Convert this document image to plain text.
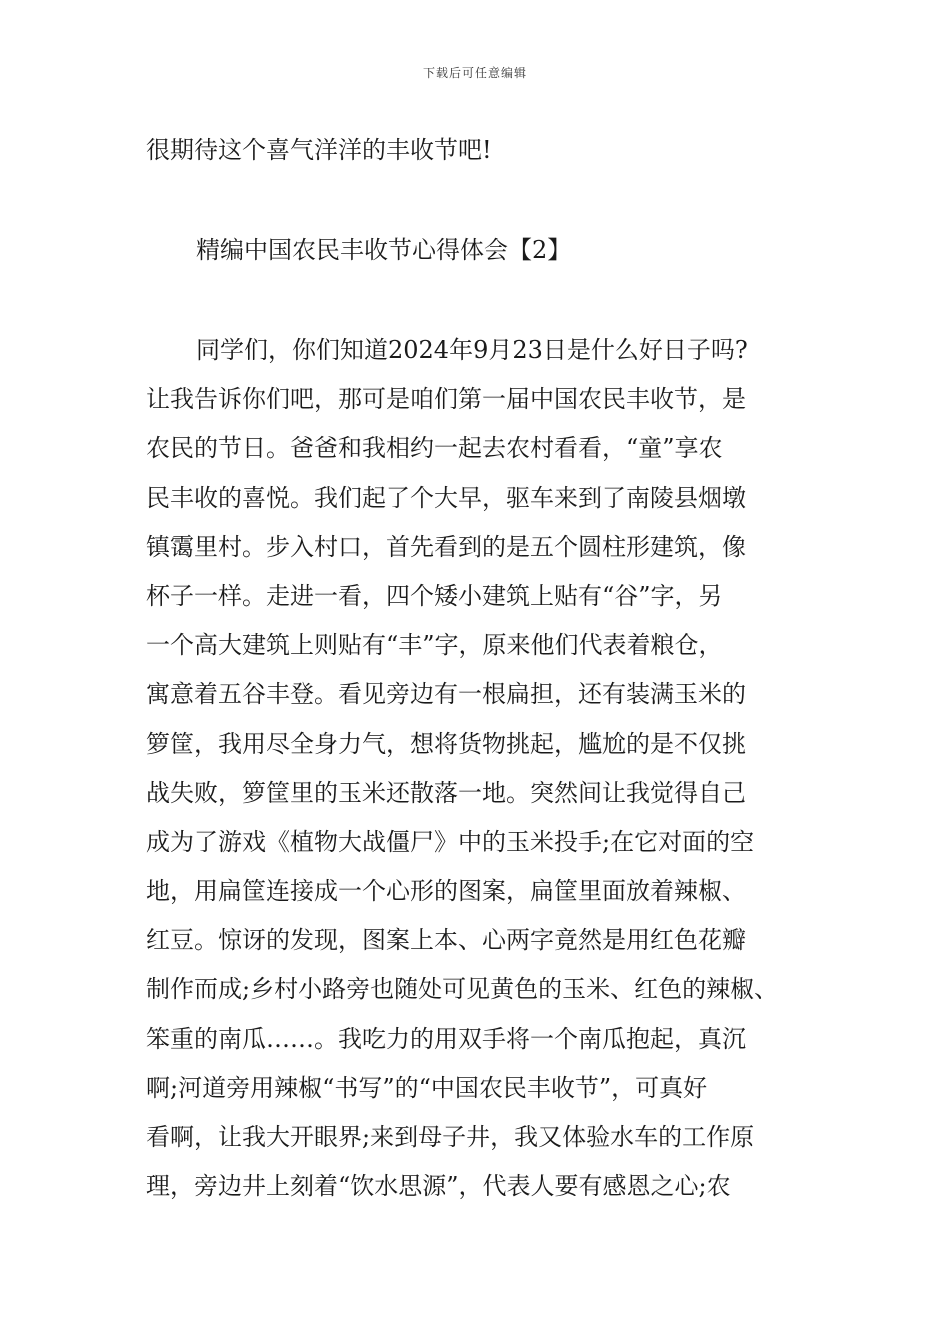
下载后可任意编辑
很期待这个喜气洋洋的丰收节吧!
精编中国农民丰收节心得体会【2】
同学们，你们知道2024年9月23日是什么好日子吗?
让我告诉你们吧，那可是咱们第一届中国农民丰收节，是
农民的节日。爸爸和我相约一起去农村看看，“童”享农
民丰收的喜悦。我们起了个大早，驱车来到了南陵县烟墩
镇霭里村。步入村口，首先看到的是五个圆柱形建筑，像
杯子一样。走进一看，四个矮小建筑上贴有“谷”字，另
一个高大建筑上则贴有“丰”字，原来他们代表着粮仓，
寓意着五谷丰登。看见旁边有一根扁担，还有装满玉米的
箩筐，我用尽全身力气，想将货物挑起，尴尬的是不仅挑
战失败，箩筐里的玉米还散落一地。突然间让我觉得自己
成为了游戏《植物大战僵尸》中的玉米投手;在它对面的空
地，用扁筐连接成一个心形的图案，扁筐里面放着辣椒、
红豆。惊讶的发现，图案上本、心两字竟然是用红色花瓣
制作而成;乡村小路旁也随处可见黄色的玉米、红色的辣椒、
笨重的南瓜……。我吃力的用双手将一个南瓜抱起，真沉
啊;河道旁用辣椒“书写”的“中国农民丰收节”，可真好
看啊，让我大开眼界;来到母子井，我又体验水车的工作原
理，旁边井上刻着“饮水思源”，代表人要有感恩之心;农
